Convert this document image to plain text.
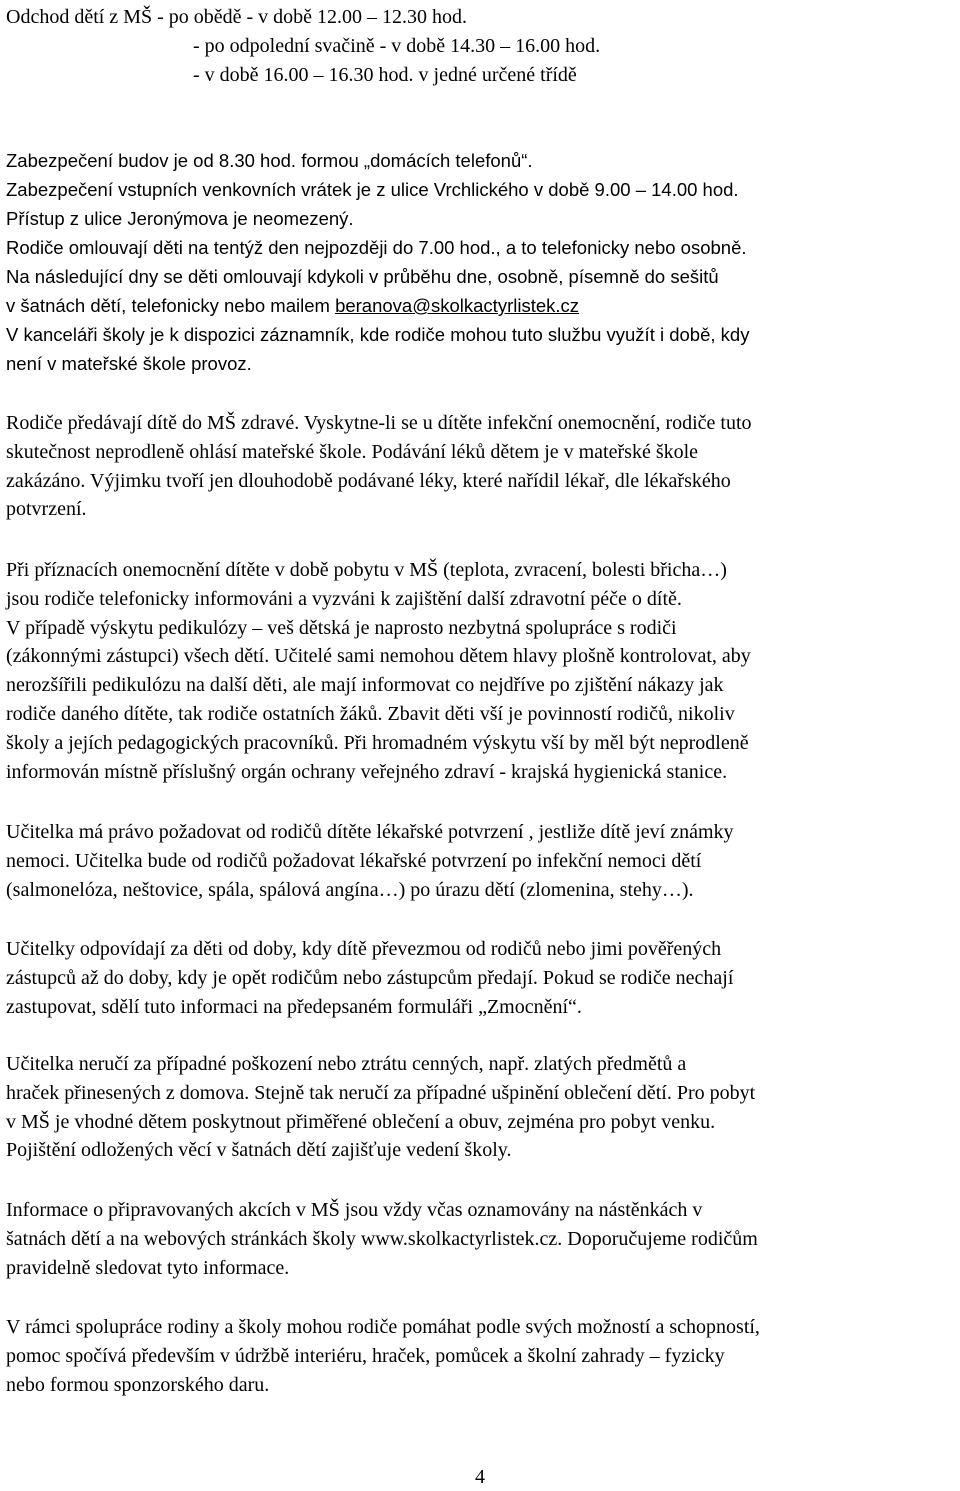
Odchod dětí z MŠ - po obědě - v době 12.00 – 12.30 hod.
- po odpolední svačině - v době 14.30 – 16.00 hod.
- v době 16.00 – 16.30 hod. v jedné určené třídě
Zabezpečení budov je od 8.30 hod. formou „domácích telefonů“.
Zabezpečení vstupních venkovních vrátek je z ulice Vrchlického v době 9.00 – 14.00 hod.
Přístup z ulice Jeronýmova je neomezený.
Rodiče omlouvají děti na tentýž den nejpozději do 7.00 hod., a to telefonicky nebo osobně.
Na následující dny se děti omlouvají kdykoli v průběhu dne, osobně, písemně do sešitů
v šatnách dětí, telefonicky nebo mailem beranova@skolkactyrlistek.cz
V kanceláři školy je k dispozici záznamník, kde rodiče mohou tuto službu využít i době, kdy
není v mateřské škole provoz.
Rodiče předávají dítě do MŠ zdravé. Vyskytne-li se u dítěte infekční onemocnění, rodiče tuto
skutečnost neprodleně ohlásí mateřské škole. Podávání léků dětem je v mateřské škole
zakázáno. Výjimku tvoří jen dlouhodobě podávané léky, které nařídil lékař, dle lékařského
potvrzení.
Při příznacích onemocnění dítěte v době pobytu v MŠ (teplota, zvracení, bolesti břicha…)
jsou rodiče telefonicky informováni a vyzváni k zajištění další zdravotní péče o dítě.
V případě výskytu pedikulózy – veš dětská je naprosto nezbytná spolupráce s rodiči
(zákonnými zástupci) všech dětí. Učitelé sami nemohou dětem hlavy plošně kontrolovat, aby
nerozšířili pedikulózu na další děti, ale mají informovat co nejdříve po zjištění nákazy jak
rodiče daného dítěte, tak rodiče ostatních žáků. Zbavit děti vší je povinností rodičů, nikoliv
školy a jejích pedagogických pracovníků. Při hromadném výskytu vší by měl být neprodleně
informován místně příslušný orgán ochrany veřejného zdraví - krajská hygienická stanice.
Učitelka má právo požadovat od rodičů dítěte lékařské potvrzení , jestliže dítě jeví známky
nemoci. Učitelka bude od rodičů požadovat lékařské potvrzení po infekční nemoci dětí
(salmonelóza, neštovice, spála, spálová angína…) po úrazu dětí (zlomenina, stehy…).
Učitelky odpovídají za děti od doby, kdy dítě převezmou od rodičů nebo jimi pověřených
zástupců až do doby, kdy je opět rodičům nebo zástupcům předají. Pokud se rodiče nechají
zastupovat, sdělí tuto informaci na předepsaném formuláři „Zmocnění“.
Učitelka neručí za případné poškození nebo ztrátu cenných, např. zlatých předmětů a
hraček přinesených z domova. Stejně tak neručí za případné ušpinění oblečení dětí. Pro pobyt
v MŠ je vhodné dětem poskytnout přiměřené oblečení a obuv, zejména pro pobyt venku.
Pojištění odložených věcí v šatnách dětí zajišťuje vedení školy.
Informace o připravovaných akcích v MŠ jsou vždy včas oznamovány na nástěnkách v
šatnách dětí a na webových stránkách školy www.skolkactyrlistek.cz. Doporučujeme rodičům
pravidelně sledovat tyto informace.
V rámci spolupráce rodiny a školy mohou rodiče pomáhat podle svých možností a schopností,
pomoc spočívá především v údržbě interiéru, hraček, pomůcek a školní zahrady – fyzicky
nebo formou sponzorského daru.
4
